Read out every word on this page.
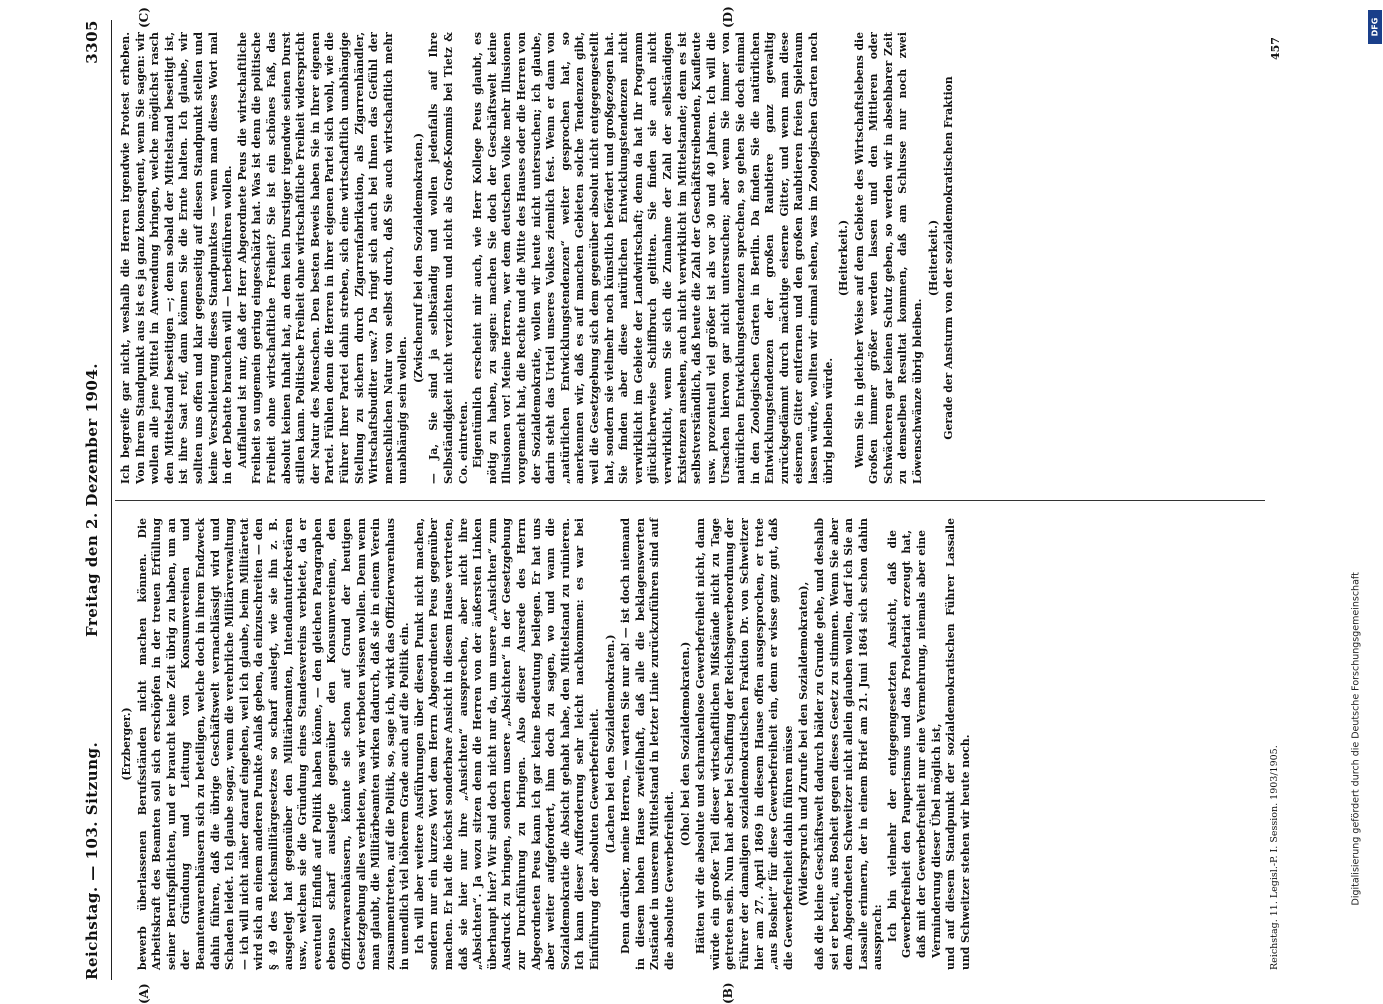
Reichstag. — 103. Sitzung.
Freitag den 2. Dezember 1904.
3305
(A)	(B)
(C)	(D)

(Erzberger.) bewerb überlassenen Berufsständen nicht machen können. Die Arbeitskraft des Beamten soll sich erschöpfen in der treuen Erfüllung seiner Berufspflichten, und er braucht keine Zeit übrig zu haben, um an der Gründung und Leitung von Konsumvereinen und Beamtenwarenhäusern sich zu beteiligen, welche doch in ihrem Endzweck dahin führen, daß die übrige Geschäftswelt vernachlässigt wird und Schaden leidet. Ich glaube sogar, wenn die verehrliche Militärverwaltung — ich will nicht näher darauf eingehen, weil ich glaube, beim Militäretat wird sich an einem anderen Punkte Anlaß geben, da einzuschreiten — den § 49 des Reichsmilitärgesetzes so scharf auslegt, wie sie ihn z. B. ausgelegt hat gegenüber den Militärbeamten, Intendanturfekretären usw., welchen sie die Gründung eines Standesvereins verbietet, da er eventuell Einfluß auf Politik haben könne, — den gleichen Paragraphen ebenso scharf auslegte gegenüber den Konsumvereinen, den Offizierwarenhäusern, könnte sie schon auf Grund der heutigen Gesetzgebung alles verbieten, was wir verboten wissen wollen. Denn wenn man glaubt, die Militärbeamten wirken dadurch, daß sie in einem Verein zusammentreten, auf die Politik, so, sage ich, wirkt das Offizierwarenhaus in unendlich viel höherem Grade auch auf die Politik ein. Ich will aber weitere Ausführungen über diesen Punkt nicht machen, sondern nur ein kurzes Wort dem Herrn Abgeordneten Peus gegenüber machen. Er hat die höchst sonderbare Ansicht in diesem Hause vertreten, daß sie hier nur ihre „Ansichten“ aussprechen, aber nicht ihre „Absichten“. Ja wozu sitzen denn die Herren von der äußersten Linken überhaupt hier? Wir sind doch nicht nur da, um unsere „Ansichten“ zum Ausdruck zu bringen, sondern unsere „Absichten“ in der Gesetzgebung zur Durchführung zu bringen. Also dieser Ausrede des Herrn Abgeordneten Peus kann ich gar keine Bedeutung beilegen. Er hat uns aber weiter aufgefordert, ihm doch zu sagen, wo und wann die Sozialdemokratie die Absicht gehabt habe, den Mittelstand zu ruinieren. Ich kann dieser Aufforderung sehr leicht nachkommen: es war bei Einführung der absoluten Gewerbefreiheit. (Lachen bei den Sozialdemokraten.) Denn darüber, meine Herren, — warten Sie nur ab! — ist doch niemand in diesem hohen Hause zweifelhaft, daß alle die beklagenswerten Zustände in unserem Mittelstand in letzter Linie zurückzuführen sind auf die absolute Gewerbefreiheit.

(Oho! bei den Sozialdemokraten.) Hätten wir die absolute und schrankenlose Gewerbefreiheit nicht, dann würde ein großer Teil dieser wirtschaftlichen Mißstände nicht zu Tage getreten sein. Nun hat aber bei Schaffung der Reichsgewerbeordnung der Führer der damaligen sozialdemokratischen Fraktion Dr. von Schweitzer hier am 27. April 1869 in diesem Hause offen ausgesprochen, er trete „aus Bosheit“ für diese Gewerbefreiheit ein, denn er wisse ganz gut, daß die Gewerbefreiheit dahin führen müsse (Widerspruch und Zurufe bei den Sozialdemokraten), daß die kleine Geschäftswelt dadurch bälder zu Grunde gehe, und deshalb sei er bereit, aus Bosheit gegen dieses Gesetz zu stimmen. Wenn Sie aber dem Abgeordneten Schweitzer nicht allein glauben wollen, darf ich Sie an Lassalle erinnern, der in einem Brief am 21. Juni 1864 sich schon dahin aussprach: Ich bin vielmehr der entgegengesetzten Ansicht, daß die Gewerbefreiheit den Pauperismus und das Proletariat erzeugt hat, daß mit der Gewerbefreiheit nur eine Vermehrung, niemals aber eine Verminderung dieser Übel möglich ist, und auf diesem Standpunkt der sozialdemokratischen Führer Lassalle und Schweitzer stehen wir heute noch.

Ich begreife gar nicht, weshalb die Herren irgendwie Protest erheben. Von Ihrem Standpunkt aus ist es ja ganz konsequent, wenn Sie sagen: wir wollen alle jene Mittel in Anwendung bringen, welche möglichst rasch den Mittelstand beseitigen —; denn sobald der Mittelstand beseitigt ist, ist ihre Saat reif, dann können Sie die Ernte halten. Ich glaube, wir sollten uns offen und klar gegenseitig auf diesen Standpunkt stellen und keine Verschleierung dieses Standpunktes — wenn man dieses Wort mal in der Debatte brauchen will — herbeiführen wollen. Auffallend ist nur, daß der Herr Abgeordnete Peus die wirtschaftliche Freiheit so ungemein gering eingeschätzt hat. Was ist denn die politische Freiheit ohne wirtschaftliche Freiheit? Sie ist ein schönes Faß, das absolut keinen Inhalt hat, an dem kein Durstiger irgendwie seinen Durst stillen kann. Politische Freiheit ohne wirtschaftliche Freiheit widerspricht der Natur des Menschen. Den besten Beweis haben Sie in Ihrer eigenen Partei. Fühlen denn die Herren in ihrer eigenen Partei sich wohl, wie die Führer Ihrer Partei dahin streben, sich eine wirtschaftlich unabhängige Stellung zu sichern durch Zigarrenfabrikation, als Zigarrenhändler, Wirtschaftsbuditer usw.? Da ringt sich auch bei Ihnen das Gefühl der menschlichen Natur von selbst durch, daß Sie auch wirtschaftlich mehr unabhängig sein wollen.

(Zwischenruf bei den Sozialdemokraten.) — Ja, Sie sind ja selbständig und wollen jedenfalls auf Ihre Selbständigkeit nicht verzichten und nicht als Groß-Kommis bei Tietz & Co. eintreten. Eigentümlich erscheint mir auch, wie Herr Kollege Peus glaubt, es nötig zu haben, zu sagen: machen Sie doch der Geschäftswelt keine Illusionen vor! Meine Herren, wer dem deutschen Volke mehr Illusionen vorgemacht hat, die Rechte und die Mitte des Hauses oder die Herren von der Sozialdemokratie, wollen wir heute nicht untersuchen; ich glaube, darin steht das Urteil unseres Volkes ziemlich fest. Wenn er dann von „natürlichen Entwicklungstendenzen“ weiter gesprochen hat, so anerkennen wir, daß es auf manchen Gebieten solche Tendenzen gibt, weil die Gesetzgebung sich dem gegenüber absolut nicht entgegengestellt hat, sondern sie vielmehr noch künstlich befördert und großgezogen hat. Sie finden aber diese natürlichen Entwicklungstendenzen nicht verwirklicht im Gebiete der Landwirtschaft; denn da hat Ihr Programm glücklicherweise Schiffbruch gelitten. Sie finden sie auch nicht verwirklicht, wenn Sie sich die Zunahme der Zahl der selbständigen Existenzen ansehen, auch nicht verwirklicht im Mittelstande; denn es ist selbstverständlich, daß heute die Zahl der Geschäftstreibenden, Kaufleute usw. prozentuell viel größer ist als vor 30 und 40 Jahren. Ich will die Ursachen hiervon gar nicht untersuchen; aber wenn Sie immer von natürlichen Entwicklungstendenzen sprechen, so gehen Sie doch einmal in den Zoologischen Garten in Berlin. Da finden Sie die natürlichen Entwicklungstendenzen der großen Raubtiere ganz gewaltig zurückgedämmt durch mächtige eiserne Gitter, und wenn man diese eisernen Gitter entfernen und den großen Raubtieren freien Spielraum lassen würde, wollten wir einmal sehen, was im Zoologischen Garten noch übrig bleiben würde.

(Heiterkeit.) Wenn Sie in gleicher Weise auf dem Gebiete des Wirtschaftslebens die Großen immer größer werden lassen und den Mittleren oder Schwächeren gar keinen Schutz geben, so werden wir in absehbarer Zeit zu demselben Resultat kommen, daß am Schlusse nur noch zwei Löwenschwänze übrig bleiben.

(Heiterkeit.) Gerade der Ansturm von der sozialdemokratischen Fraktion

Reichstag. 11. Legisl.-P. I. Session. 1903/1905.
457
Digitalisierung gefördert durch die Deutsche Forschungsgemeinschaft
DFG
